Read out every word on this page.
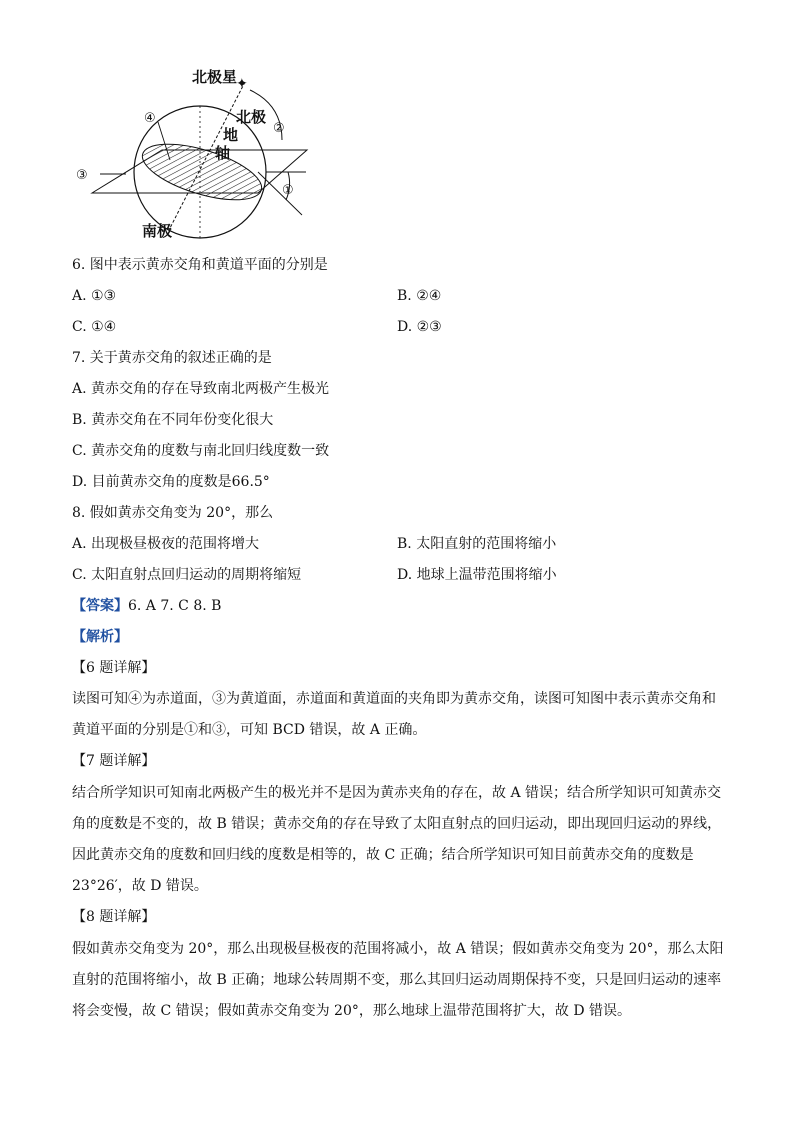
✦
北极星
北极
地
轴
南极
④
②
③
①
6. 图中表示黄赤交角和黄道平面的分别是
A. ①③	B. ②④
C. ①④	D. ②③
7. 关于黄赤交角的叙述正确的是
A. 黄赤交角的存在导致南北两极产生极光
B. 黄赤交角在不同年份变化很大
C. 黄赤交角的度数与南北回归线度数一致
D. 目前黄赤交角的度数是66.5°
8. 假如黄赤交角变为 20°，那么
A. 出现极昼极夜的范围将增大	B. 太阳直射的范围将缩小
C. 太阳直射点回归运动的周期将缩短	D. 地球上温带范围将缩小
【答案】6. A 7. C 8. B
【解析】
【6 题详解】

读图可知④为赤道面，③为黄道面，赤道面和黄道面的夹角即为黄赤交角，读图可知图中表示黄赤交角和

黄道平面的分别是①和③，可知 BCD 错误，故 A 正确。

【7 题详解】

结合所学知识可知南北两极产生的极光并不是因为黄赤夹角的存在，故 A 错误；结合所学知识可知黄赤交

角的度数是不变的，故 B 错误；黄赤交角的存在导致了太阳直射点的回归运动，即出现回归运动的界线，

因此黄赤交角的度数和回归线的度数是相等的，故 C 正确；结合所学知识可知目前黄赤交角的度数是

23°26′，故 D 错误。

【8 题详解】

假如黄赤交角变为 20°，那么出现极昼极夜的范围将减小，故 A 错误；假如黄赤交角变为 20°，那么太阳

直射的范围将缩小，故 B 正确；地球公转周期不变，那么其回归运动周期保持不变，只是回归运动的速率

将会变慢，故 C 错误；假如黄赤交角变为 20°，那么地球上温带范围将扩大，故 D 错误。
